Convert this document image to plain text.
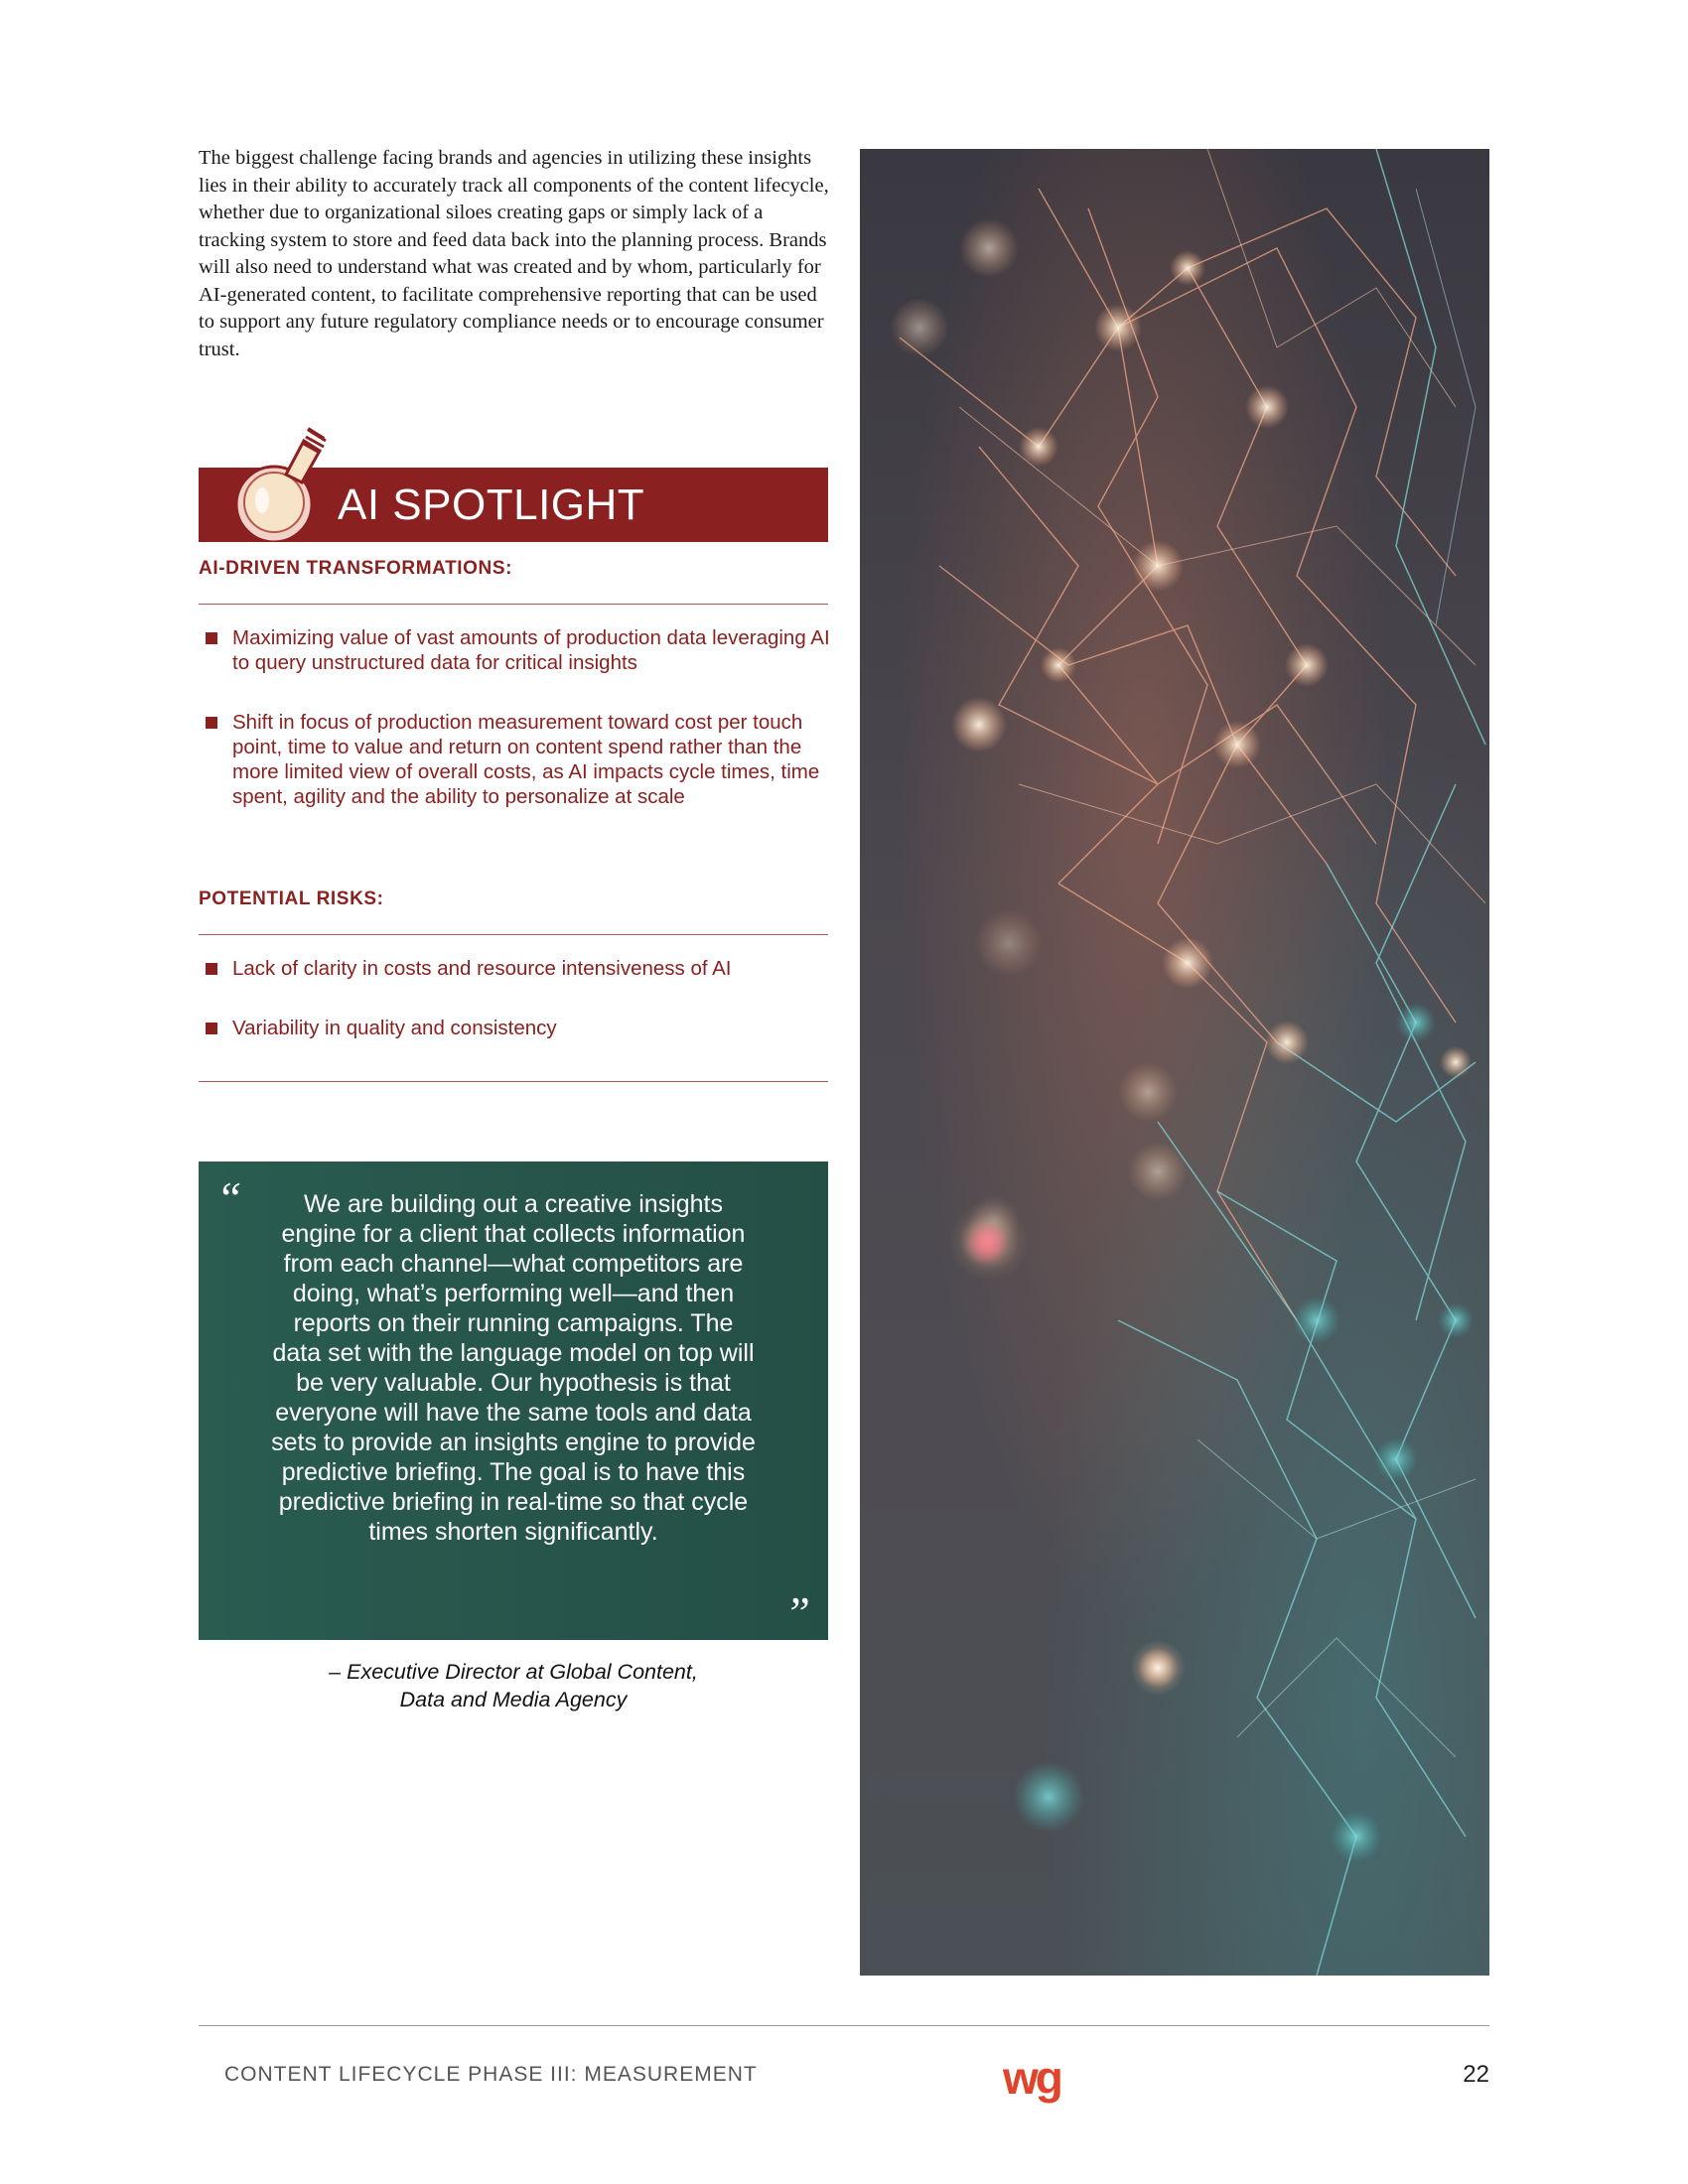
The biggest challenge facing brands and agencies in utilizing these insights lies in their ability to accurately track all components of the content lifecycle, whether due to organizational siloes creating gaps or simply lack of a tracking system to store and feed data back into the planning process. Brands will also need to understand what was created and by whom, particularly for AI-generated content, to facilitate comprehensive reporting that can be used to support any future regulatory compliance needs or to encourage consumer trust.

AI SPOTLIGHT
AI-DRIVEN TRANSFORMATIONS:
Maximizing value of vast amounts of production data leveraging AI to query unstructured data for critical insights
Shift in focus of production measurement toward cost per touch point, time to value and return on content spend rather than the more limited view of overall costs, as AI impacts cycle times, time spent, agility and the ability to personalize at scale
POTENTIAL RISKS:
Lack of clarity in costs and resource intensiveness of AI
Variability in quality and consistency
“	We are building out a creative insights engine for a client that collects information from each channel—what competitors are doing, what’s performing well—and then reports on their running campaigns. The data set with the language model on top will be very valuable. Our hypothesis is that everyone will have the same tools and data sets to provide an insights engine to provide predictive briefing. The goal is to have this predictive briefing in real-time so that cycle times shorten significantly.

”

– Executive Director at Global Content,
Data and Media Agency

CONTENT LIFECYCLE PHASE III: MEASUREMENT	wg	22
